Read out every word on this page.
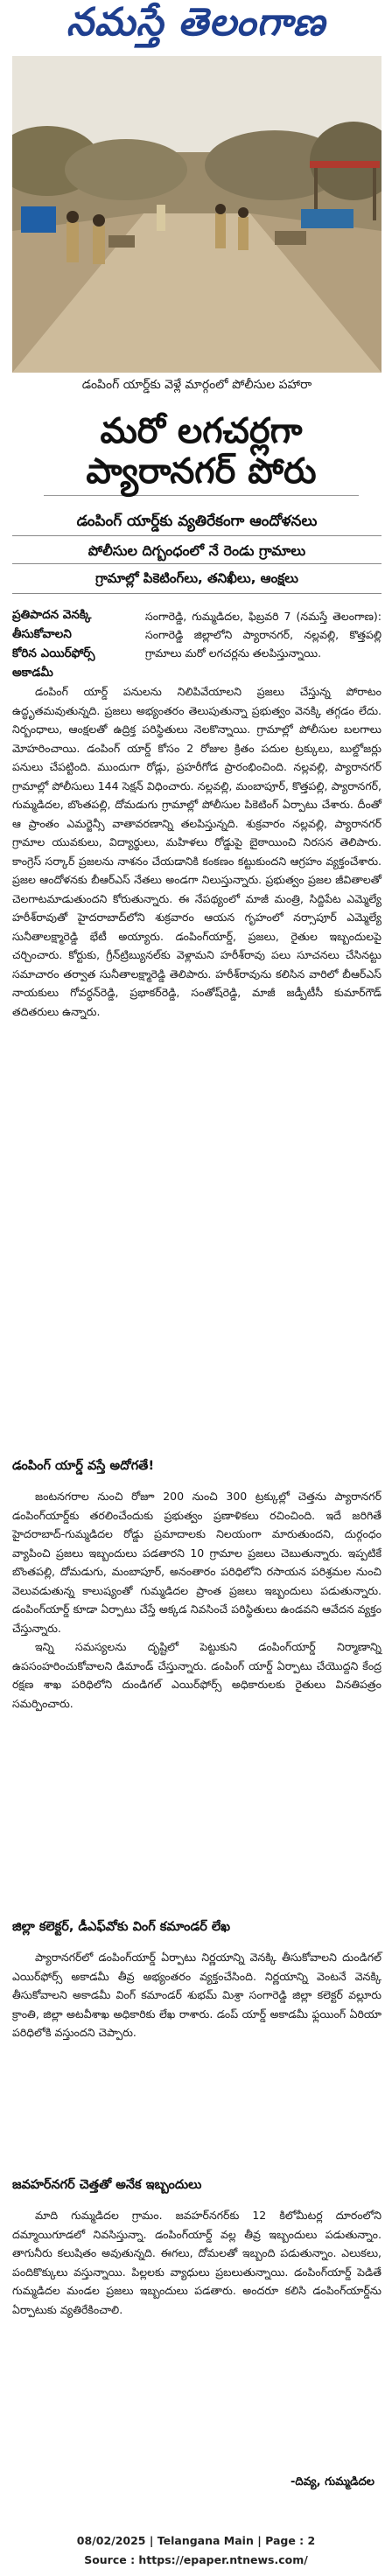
నమస్తే తెలంగాణ
డంపింగ్ యార్డ్‌కు వెళ్లే మార్గంలో పోలీసుల పహారా
మరో లగచర్లగా ప్యారానగర్ పోరు
డంపింగ్ యార్డ్‌కు వ్యతిరేకంగా ఆందోళనలు
పోలీసుల దిగ్బంధంలో నే రెండు గ్రామాలు
గ్రామాల్లో పికెటింగ్‌లు, తనిఖీలు, ఆంక్షలు

ప్రతిపాదన వెనక్కి తీసుకోవాలని

కోరిన ఎయిర్‌ఫోర్స్ అకాడమీ

సంగారెడ్డి, గుమ్మడిదల, ఫిబ్రవరి 7 (నమస్తే తెలంగాణ): సంగారెడ్డి జిల్లాలోని ప్యారానగర్, నల్లవల్లి, కొత్తపల్లి గ్రామాలు మరో లగచర్లను తలపిస్తున్నాయి.

డంపింగ్ యార్డ్ పనులను నిలిపివేయాలని ప్రజలు చేస్తున్న పోరాటం ఉద్ధృతమవుతున్నది. ప్రజలు అభ్యంతరం తెలుపుతున్నా ప్రభుత్వం వెనక్కి తగ్గడం లేదు. నిర్బంధాలు, ఆంక్షలతో ఉద్రిక్త పరిస్థితులు నెలకొన్నాయి. గ్రామాల్లో పోలీసుల బలగాలు మోహరించాయి. డంపింగ్ యార్డ్ కోసం 2 రోజుల క్రితం పదుల ట్రక్కులు, బుల్డోజర్లు పనులు చేపట్టింది. ముందుగా రోడ్లు, ప్రహరీగోడ ప్రారంభించింది. నల్లవల్లి, ప్యారానగర్ గ్రామాల్లో పోలీసులు 144 సెక్షన్ విధించారు. నల్లవల్లి, మంబాపూర్, కొత్తపల్లి, ప్యారానగర్, గుమ్మడిదల, బొంతపల్లి, దోమడుగు గ్రామాల్లో పోలీసుల పికెటింగ్ ఏర్పాటు చేశారు. దీంతో ఆ ప్రాంతం ఎమర్జెన్సీ వాతావరణాన్ని తలపిస్తున్నది. శుక్రవారం నల్లవల్లి, ప్యారానగర్ గ్రామాల యువకులు, విద్యార్థులు, మహిళలు రోడ్డుపై బైఠాయించి నిరసన తెలిపారు. కాంగ్రెస్ సర్కార్ ప్రజలను నాశనం చేయడానికి కంకణం కట్టుకుందని ఆగ్రహం వ్యక్తంచేశారు. ప్రజల ఆందోళనకు బీఆర్‌ఎస్ నేతలు అండగా నిలుస్తున్నారు. ప్రభుత్వం ప్రజల జీవితాలతో చెలగాటమాడుతుందని కోరుతున్నారు. ఈ నేపథ్యంలో మాజీ మంత్రి, సిద్దిపేట ఎమ్మెల్యే హరీశ్‌రావుతో హైదరాబాద్‌లోని శుక్రవారం ఆయన గృహంలో నర్సాపూర్ ఎమ్మెల్యే సునీతాలక్ష్మారెడ్డి భేటీ అయ్యారు. డంపింగ్‌యార్డ్, ప్రజలు, రైతుల ఇబ్బందులపై చర్చించారు. కోర్టుకు, గ్రీన్‌ట్రిబ్యునల్‌కు వెళ్లామని హరీశ్‌రావు పలు సూచనలు చేసినట్టు సమాచారం తర్వాత సునీతాలక్ష్మారెడ్డి తెలిపారు. హరీశ్‌రావును కలిసిన వారిలో బీఆర్‌ఎస్ నాయకులు గోవర్ధన్‌రెడ్డి, ప్రభాకర్‌రెడ్డి, సంతోష్‌రెడ్డి, మాజీ జడ్పీటీసీ కుమార్‌గౌడ్ తదితరులు ఉన్నారు.

డంపింగ్ యార్డ్ వస్తే అదోగతే!

జంటనగరాల నుంచి రోజూ 200 నుంచి 300 ట్రక్కుల్లో చెత్తను ప్యారానగర్ డంపింగ్‌యార్డ్‌కు తరలించేందుకు ప్రభుత్వం ప్రణాళికలు రచించింది. ఇదే జరిగితే హైదరాబాద్-గుమ్మడిదల రోడ్డు ప్రమాదాలకు నిలయంగా మారుతుందని, దుర్గంధం వ్యాపించి ప్రజలు ఇబ్బందులు పడతారని 10 గ్రామాల ప్రజలు చెబుతున్నారు. ఇప్పటికే బొంతపల్లి, దోమడుగు, మంబాపూర్, అనంతారం పరిధిలోని రసాయన పరిశ్రమల నుంచి వెలువడుతున్న కాలుష్యంతో గుమ్మడిదల ప్రాంత ప్రజలు ఇబ్బందులు పడుతున్నారు. డంపింగ్‌యార్డ్ కూడా ఏర్పాటు చేస్తే అక్కడ నివసించే పరిస్థితులు ఉండవని ఆవేదన వ్యక్తం చేస్తున్నారు.

ఇన్ని సమస్యలను దృష్టిలో పెట్టుకుని డంపింగ్‌యార్డ్ నిర్మాణాన్ని ఉపసంహరించుకోవాలని డిమాండ్ చేస్తున్నారు. డంపింగ్ యార్డ్ ఏర్పాటు చేయొద్దని కేంద్ర రక్షణ శాఖ పరిధిలోని దుండిగల్ ఎయిర్‌ఫోర్స్ అధికారులకు రైతులు వినతిపత్రం సమర్పించారు.

జిల్లా కలెక్టర్, డీఎఫ్‌వోకు వింగ్ కమాండర్ లేఖ

ప్యారానగర్‌లో డంపింగ్‌యార్డ్ ఏర్పాటు నిర్ణయాన్ని వెనక్కి తీసుకోవాలని దుండిగల్ ఎయిర్‌ఫోర్స్ అకాడమీ తీవ్ర అభ్యంతరం వ్యక్తంచేసింది. నిర్ణయాన్ని వెంటనే వెనక్కి తీసుకోవాలని అకాడమీ వింగ్ కమాండర్ శుభమ్ మిశ్రా సంగారెడ్డి జిల్లా కలెక్టర్ వల్లూరు క్రాంతి, జిల్లా అటవీశాఖ అధికారికు లేఖ రాశారు. డంప్ యార్డ్ అకాడమీ ఫ్లయింగ్ ఏరియా పరిధిలోకి వస్తుందని చెప్పారు.

జవహర్‌నగర్ చెత్తతో అనేక ఇబ్బందులు

మాది గుమ్మడిదల గ్రామం. జవహర్‌నగర్‌కు 12 కిలోమీటర్ల దూరంలోని దమ్మాయిగూడలో నివసిస్తున్నా. డంపింగ్‌యార్డ్ వల్ల తీవ్ర ఇబ్బందులు పడుతున్నాం. తాగునీరు కలుషితం అవుతున్నది. ఈగలు, దోమలతో ఇబ్బంది పడుతున్నాం. ఎలుకలు, పందికొక్కులు వస్తున్నాయి. పిల్లలకు వ్యాధులు ప్రబలుతున్నాయి. డంపింగ్‌యార్డ్ పెడితే గుమ్మడిదల మండల ప్రజలు ఇబ్బందులు పడతారు. అందరూ కలిసి డంపింగ్‌యార్డ్‌ను ఏర్పాటుకు వ్యతిరేకించాలి.

-దివ్య, గుమ్మడిదల
08/02/2025 | Telangana Main | Page : 2
Source : https://epaper.ntnews.com/
